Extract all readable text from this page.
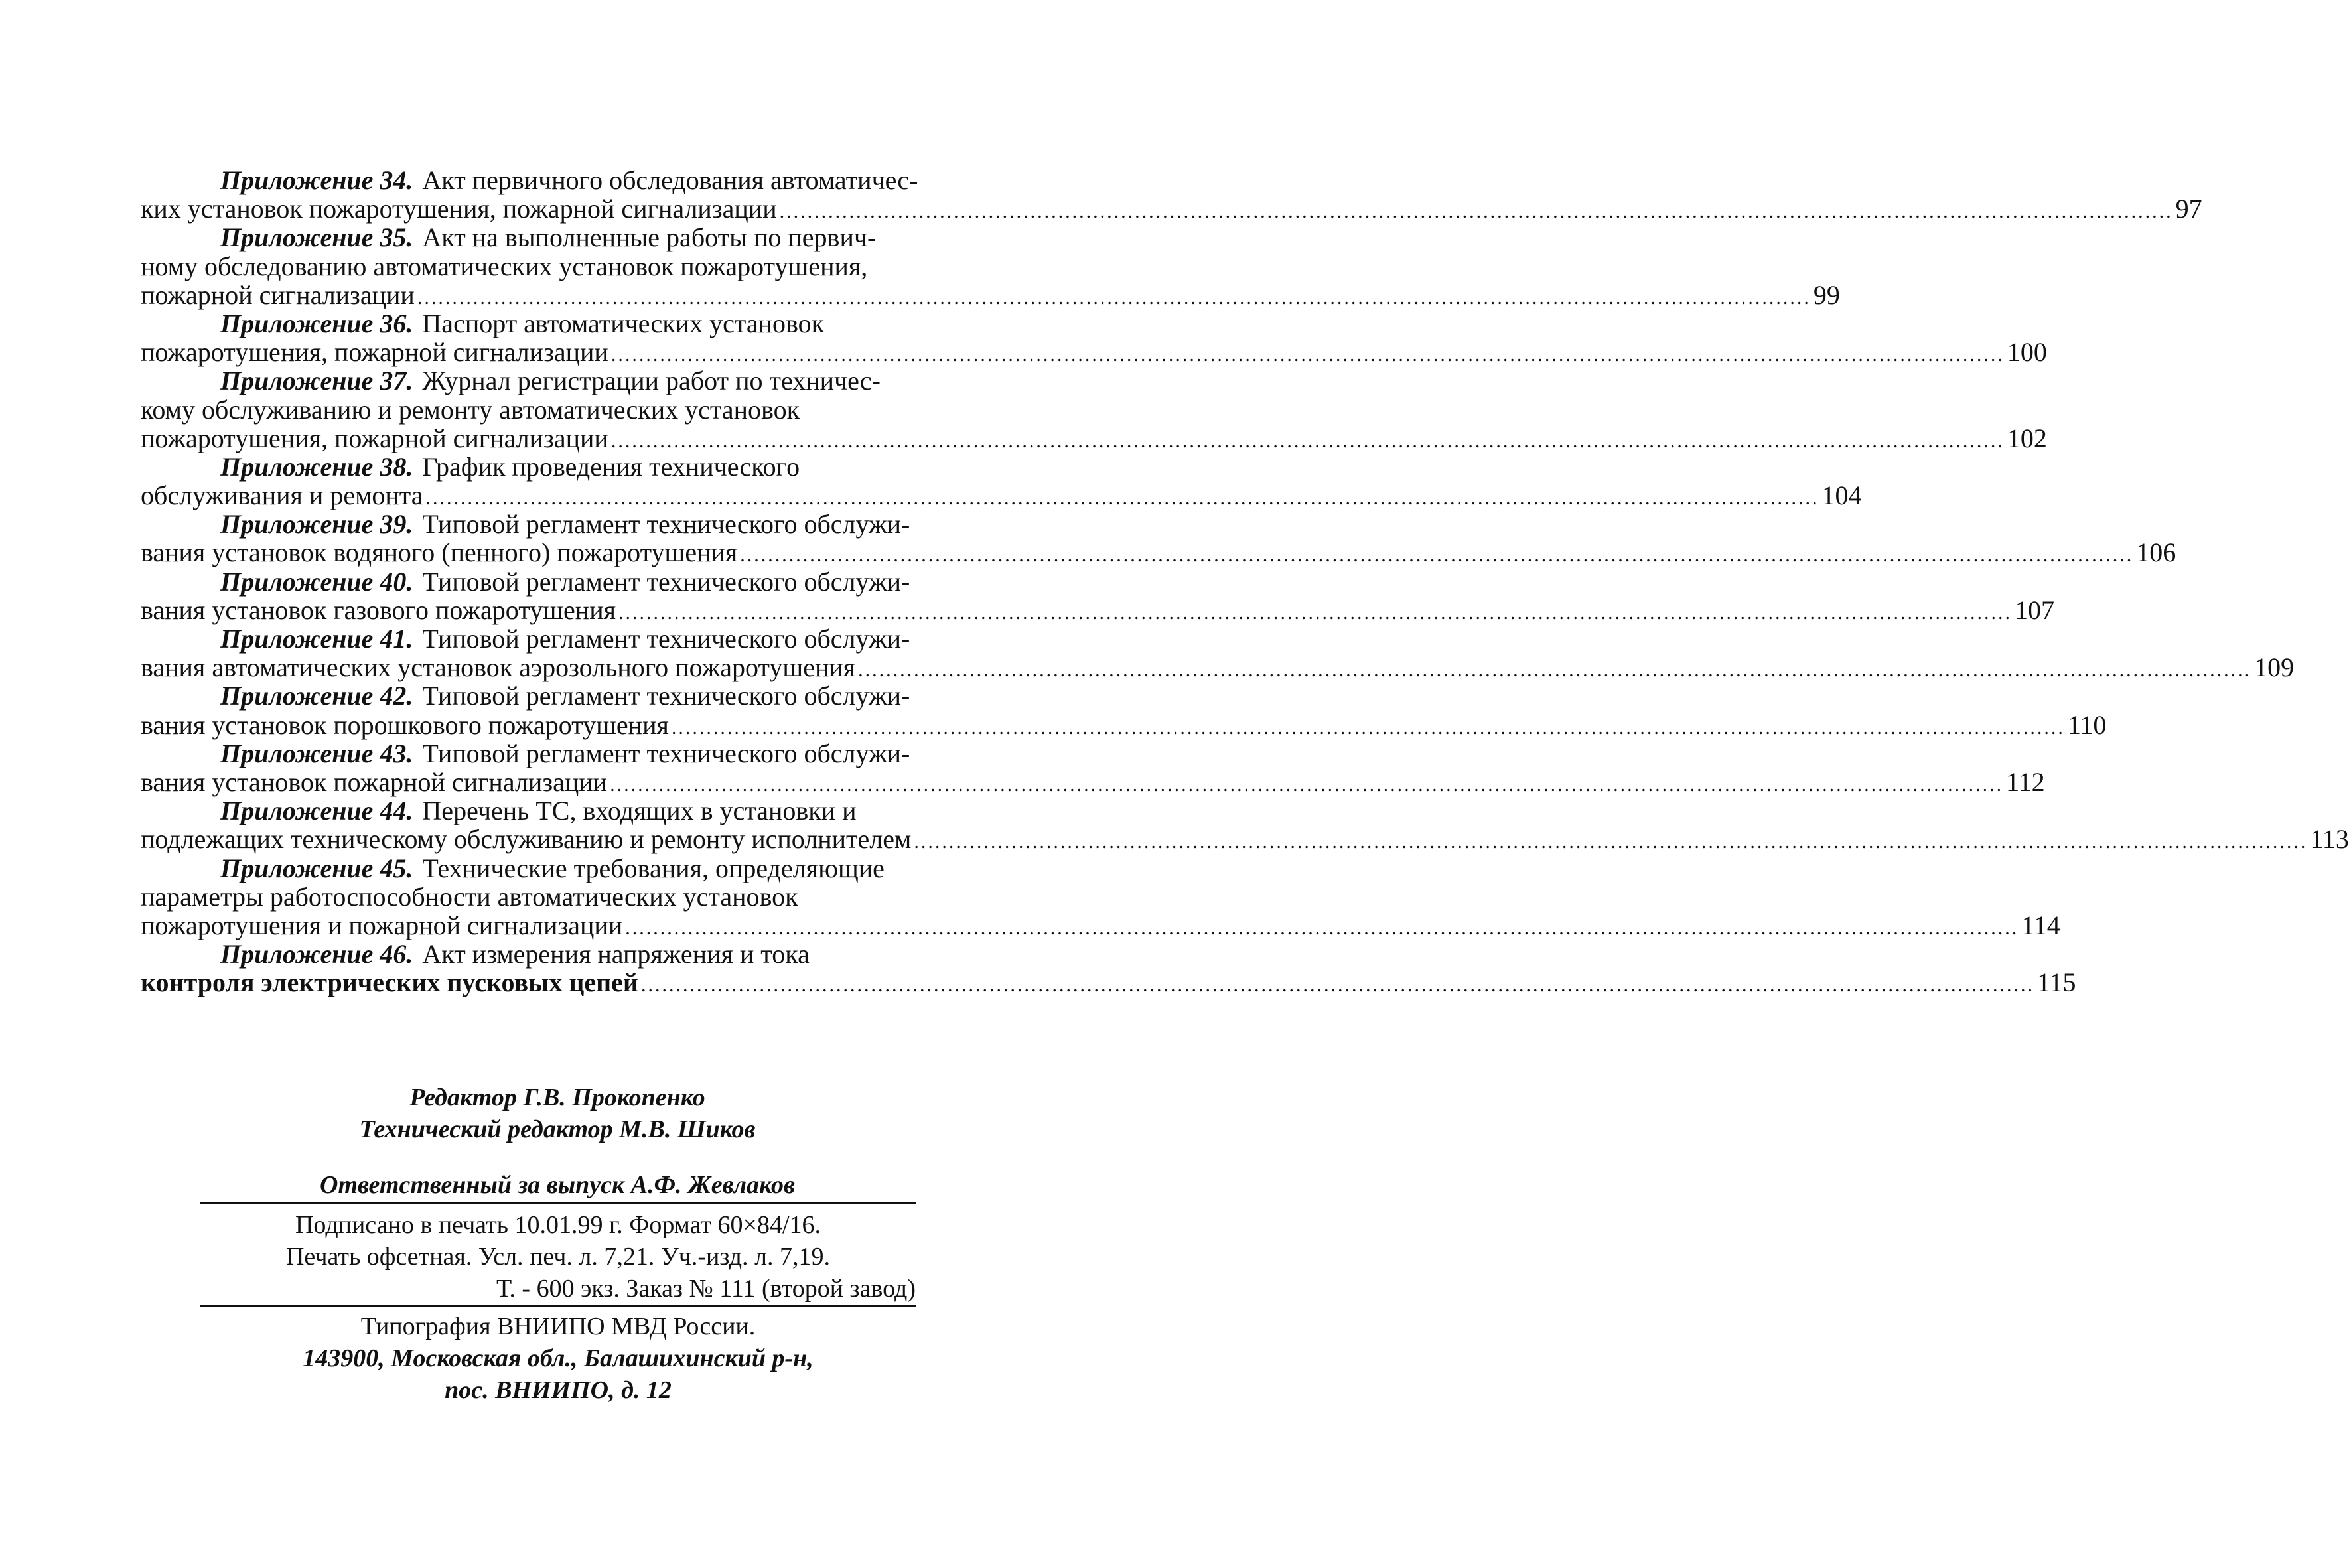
Приложение 34. Акт первичного обследования автоматичес-
ких установок пожаротушения, пожарной сигнализации ........................................................................................................................................................................................................ 97
Приложение 35. Акт на выполненные работы по первич-
ному обследованию автоматических установок пожаротушения,
пожарной сигнализации ........................................................................................................................................................................................................ 99
Приложение 36. Паспорт автоматических установок
пожаротушения, пожарной сигнализации ........................................................................................................................................................................................................ 100
Приложение 37. Журнал регистрации работ по техничес-
кому обслуживанию и ремонту автоматических установок
пожаротушения, пожарной сигнализации ........................................................................................................................................................................................................ 102
Приложение 38. График проведения технического
обслуживания и ремонта ........................................................................................................................................................................................................ 104
Приложение 39. Типовой регламент технического обслужи-
вания установок водяного (пенного) пожаротушения ........................................................................................................................................................................................................ 106
Приложение 40. Типовой регламент технического обслужи-
вания установок газового пожаротушения ........................................................................................................................................................................................................ 107
Приложение 41. Типовой регламент технического обслужи-
вания автоматических установок аэрозольного пожаротушения ........................................................................................................................................................................................................ 109
Приложение 42. Типовой регламент технического обслужи-
вания установок порошкового пожаротушения ........................................................................................................................................................................................................ 110
Приложение 43. Типовой регламент технического обслужи-
вания установок пожарной сигнализации ........................................................................................................................................................................................................ 112
Приложение 44. Перечень ТС, входящих в установки и
подлежащих техническому обслуживанию и ремонту исполнителем ........................................................................................................................................................................................................ 113
Приложение 45. Технические требования, определяющие
параметры работоспособности автоматических установок
пожаротушения и пожарной сигнализации ........................................................................................................................................................................................................ 114
Приложение 46. Акт измерения напряжения и тока
контроля электрических пусковых цепей ........................................................................................................................................................................................................ 115
Редактор Г.В. Прокопенко
Технический редактор М.В. Шиков
Ответственный за выпуск А.Ф. Жевлаков
Подписано в печать 10.01.99 г. Формат 60×84/16.
Печать офсетная. Усл. печ. л. 7,21. Уч.-изд. л. 7,19.
Т. - 600 экз. Заказ № 111 (второй завод)
Типография ВНИИПО МВД России.
143900, Московская обл., Балашихинский р-н,
пос. ВНИИПО, д. 12
